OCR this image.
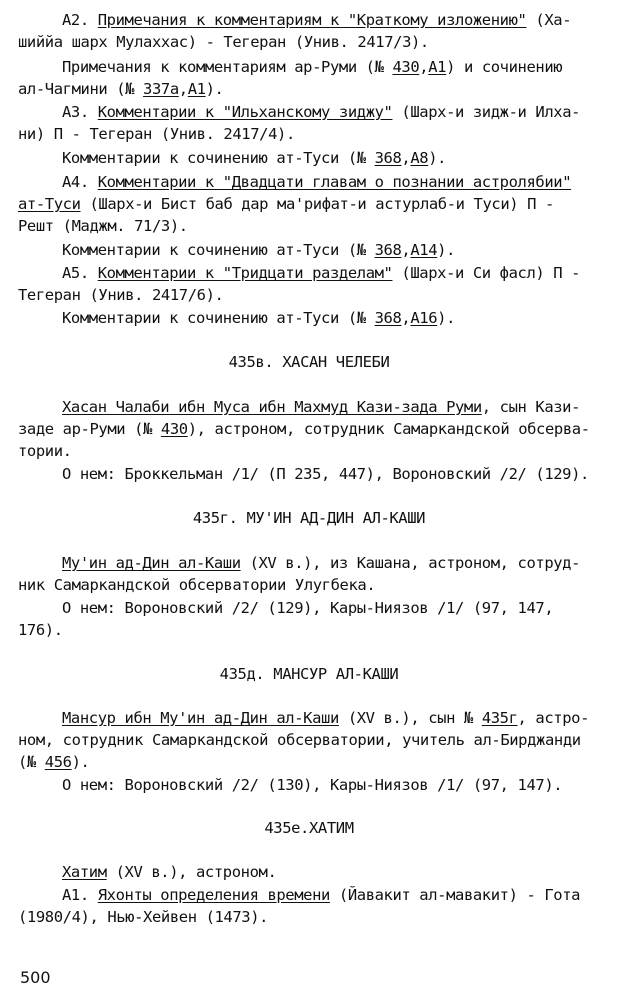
А2. Примечания к комментариям к "Краткому изложению" (Ха-
шиййа шарх Мулаххас) - Тегеран (Унив. 2417/3).
Примечания к комментариям ар-Руми (№ 430,А1) и сочинению
ал-Чагмини (№ 337а,А1).
А3. Комментарии к "Ильханскому зиджу" (Шарх-и зидж-и Илха-
ни) П - Тегеран (Унив. 2417/4).
Комментарии к сочинению ат-Туси (№ 368,А8).
А4. Комментарии к "Двадцати главам о познании астролябии"
ат-Туси (Шарх-и Бист баб дар ма'рифат-и астурлаб-и Туси) П -
Решт (Маджм. 71/3).
Комментарии к сочинению ат-Туси (№ 368,А14).
А5. Комментарии к "Тридцати разделам" (Шарх-и Си фасл) П -
Тегеран (Унив. 2417/6).
Комментарии к сочинению ат-Туси (№ 368,А16).
435в. ХАСАН ЧЕЛЕБИ
Хасан Чалаби ибн Муса ибн Махмуд Кази-зада Руми, сын Кази-
заде ар-Руми (№ 430), астроном, сотрудник Самаркандской обсерва-
тории.
О нем: Броккельман /1/ (П 235, 447), Вороновский /2/ (129).
435г. МУ'ИН АД-ДИН АЛ-КАШИ
Му'ин ад-Дин ал-Каши (XV в.), из Кашана, астроном, сотруд-
ник Самаркандской обсерватории Улугбека.
О нем: Вороновский /2/ (129), Кары-Ниязов /1/ (97, 147,
176).
435д. МАНСУР АЛ-КАШИ
Мансур ибн Му'ин ад-Дин ал-Каши (XV в.), сын № 435г, астро-
ном, сотрудник Самаркандской обсерватории, учитель ал-Бирджанди
(№ 456).
О нем: Вороновский /2/ (130), Кары-Ниязов /1/ (97, 147).
435е.ХАТИМ
Хатим (XV в.), астроном.
А1. Яхонты определения времени (Йавакит ал-мавакит) - Гота
(1980/4), Нью-Хейвен (1473).
500
